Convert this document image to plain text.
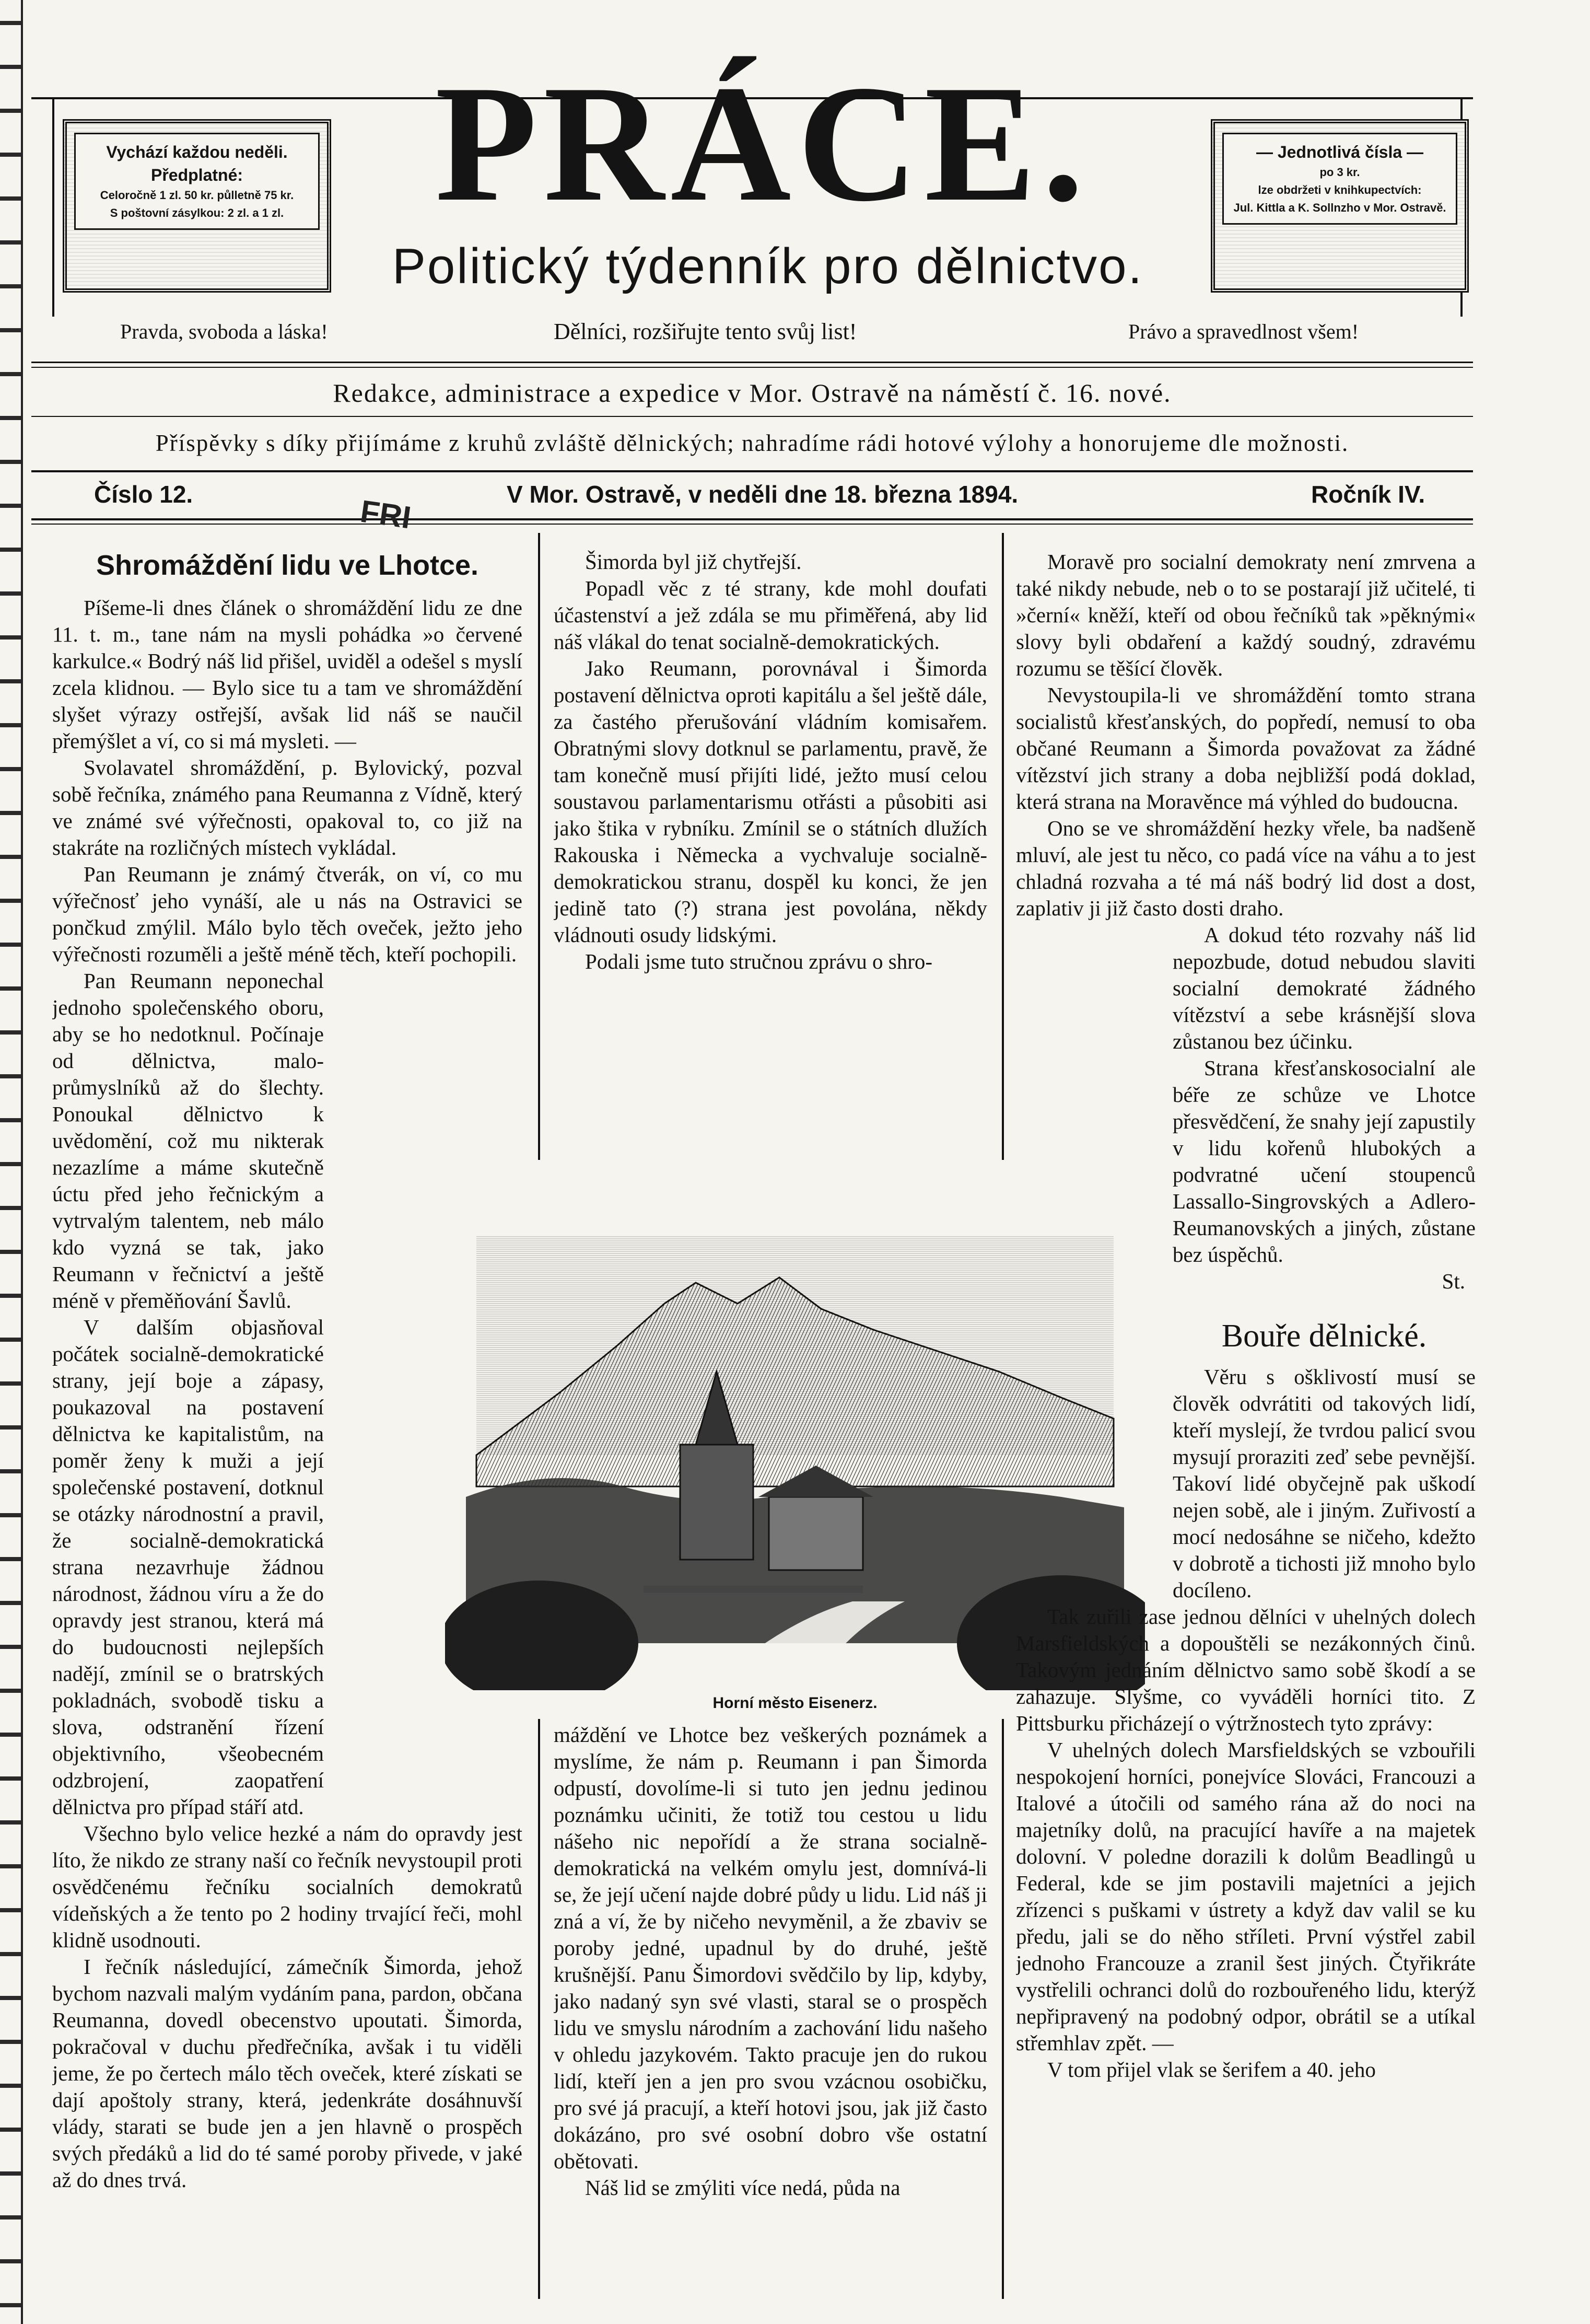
Vychází každou neděli.
Předplatné:
Celoročně 1 zl. 50 kr. půlletně 75 kr.
S poštovní zásylkou: 2 zl. a 1 zl. PRÁCE.
Politický týdenník pro dělnictvo.
— Jednotlivá čísla —
po 3 kr.
lze obdržeti v knihkupectvích:
Jul. Kittla a K. Sollnzho v Mor. Ostravě.
Pravda, svoboda a láska!	Dělníci, rozšiřujte tento svůj list!	Právo a spravedlnost všem!
Redakce, administrace a expedice v Mor. Ostravě na náměstí č. 16. nové.
Příspěvky s díky přijímáme z kruhů zvláště dělnických; nahradíme rádi hotové výlohy a honorujeme dle možnosti.
Číslo 12.	V Mor. Ostravě, v neděli dne 18. března 1894.	Ročník IV.
FRI
Shromáždění lidu ve Lhotce.

Píšeme-li dnes článek o shromáždění lidu ze dne 11. t. m., tane nám na mysli pohádka »o červené karkulce.« Bodrý náš lid přišel, uviděl a odešel s myslí zcela klidnou. — Bylo sice tu a tam ve shromáždění slyšet výrazy ostřejší, avšak lid náš se naučil přemýšlet a ví, co si má mysleti. —

Svolavatel shromáždění, p. Bylovický, pozval sobě řečníka, známého pana Reumanna z Vídně, který ve známé své výřečnosti, opakoval to, co již na stakráte na rozličných místech vykládal.

Pan Reumann je známý čtverák, on ví, co mu výřečnosť jeho vynáší, ale u nás na Ostravici se pončkud zmýlil. Málo bylo těch oveček, ježto jeho výřečnosti rozuměli a ještě méně těch, kteří pochopili.

Pan Reumann neponechal jednoho společenského oboru, aby se ho nedotknul. Počínaje od dělnictva, malo-průmyslníků až do šlechty. Ponoukal dělnictvo k uvědomění, což mu nikterak nezazlíme a máme skutečně úctu před jeho řečnickým a vytrvalým talentem, neb málo kdo vyzná se tak, jako Reumann v řečnictví a ještě méně v přeměňování Šavlů.

V dalším objasňoval počátek socialně-demokratické strany, její boje a zápasy, poukazoval na postavení dělnictva ke kapitalistům, na poměr ženy k muži a její společenské postavení, dotknul se otázky národnostní a pravil, že socialně-demokratická strana nezavrhuje žádnou národnost, žádnou víru a že do opravdy jest stranou, která má do budoucnosti nejlepších nadějí, zmínil se o bratrských pokladnách, svobodě tisku a slova, odstranění řízení objektivního, všeobecném odzbrojení, zaopatření dělnictva pro případ stáří atd.

Všechno bylo velice hezké a nám do opravdy jest líto, že nikdo ze strany naší co řečník nevystoupil proti osvědčenému řečníku socialních demokratů vídeňských a že tento po 2 hodiny trvající řeči, mohl klidně usodnouti.

I řečník následující, zámečník Šimorda, jehož bychom nazvali malým vydáním pana, pardon, občana Reumanna, dovedl obecenstvo upoutati. Šimorda, pokračoval v duchu předřečníka, avšak i tu viděli jeme, že po čertech málo těch oveček, které získati se dají apoštoly strany, která, jedenkráte dosáhnuvší vlády, starati se bude jen a jen hlavně o prospěch svých předáků a lid do té samé poroby přivede, v jaké až do dnes trvá.

Šimorda byl již chytřejší.

Popadl věc z té strany, kde mohl doufati účastenství a jež zdála se mu přiměřená, aby lid náš vlákal do tenat socialně-demokratických.

Jako Reumann, porovnával i Šimorda postavení dělnictva oproti kapitálu a šel ještě dále, za častého přerušování vládním komisařem. Obratnými slovy dotknul se parlamentu, pravě, že tam konečně musí přijíti lidé, ježto musí celou soustavou parlamentarismu otřásti a působiti asi jako štika v rybníku. Zmínil se o státních dlužích Rakouska i Německa a vychvaluje socialně-demokratickou stranu, dospěl ku konci, že jen jedině tato (?) strana jest povolána, někdy vládnouti osudy lidskými.

Podali jsme tuto stručnou zprávu o shro-

Moravě pro socialní demokraty není zmrvena a také nikdy nebude, neb o to se postarají již učitelé, ti »černí« kněží, kteří od obou řečníků tak »pěknými« slovy byli obdaření a každý soudný, zdravému rozumu se těšící člověk.

Nevystoupila-li ve shromáždění tomto strana socialistů křesťanských, do popředí, nemusí to oba občané Reumann a Šimorda považovat za žádné vítězství jich strany a doba nejbližší podá doklad, která strana na Moravěnce má výhled do budoucna.

Ono se ve shromáždění hezky vřele, ba nadšeně mluví, ale jest tu něco, co padá více na váhu a to jest chladná rozvaha a té má náš bodrý lid dost a dost, zaplativ ji již často dosti draho.

A dokud této rozvahy náš lid nepozbude, dotud nebudou slaviti socialní demokraté žádného vítězství a sebe krásnější slova zůstanou bez účinku.

Strana křesťanskosocialní ale béře ze schůze ve Lhotce přesvědčení, že snahy její zapustily v lidu kořenů hlubokých a podvratné učení stoupenců Lassallo-Singrovských a Adlero-Reumanovských a jiných, zůstane bez úspěchů.

St.
Horní město Eisenerz.

máždění ve Lhotce bez veškerých poznámek a myslíme, že nám p. Reumann i pan Šimorda odpustí, dovolíme-li si tuto jen jednu jedinou poznámku učiniti, že totiž tou cestou u lidu nášeho nic nepořídí a že strana socialně-demokratická na velkém omylu jest, domnívá-li se, že její učení najde dobré půdy u lidu. Lid náš ji zná a ví, že by ničeho nevyměnil, a že zbaviv se poroby jedné, upadnul by do druhé, ještě krušnější. Panu Šimordovi svědčilo by lip, kdyby, jako nadaný syn své vlasti, staral se o prospěch lidu ve smyslu národním a zachování lidu našeho v ohledu jazykovém. Takto pracuje jen do rukou lidí, kteří jen a jen pro svou vzácnou osobičku, pro své já pracují, a kteří hotovi jsou, jak již často dokázáno, pro své osobní dobro vše ostatní obětovati.

Náš lid se zmýliti více nedá, půda na

Bouře dělnické.

Věru s ošklivostí musí se člověk odvrátiti od takových lidí, kteří myslejí, že tvrdou palicí svou mysují proraziti zeď sebe pevnější. Takoví lidé obyčejně pak uškodí nejen sobě, ale i jiným. Zuřivostí a mocí nedosáhne se ničeho, kdežto v dobrotě a tichosti již mnoho bylo docíleno.

Tak zuřili zase jednou dělníci v uhelných dolech Marsfieldských a dopouštěli se nezákonných činů. Takovým jednáním dělnictvo samo sobě škodí a se zahazuje. Slyšme, co vyváděli horníci tito. Z Pittsburku přicházejí o výtržnostech tyto zprávy:

V uhelných dolech Marsfieldských se vzbouřili nespokojení horníci, ponejvíce Slováci, Francouzi a Italové a útočili od samého rána až do noci na majetníky dolů, na pracující havíře a na majetek dolovní. V poledne dorazili k dolům Beadlingů u Federal, kde se jim postavili majetníci a jejich zřízenci s puškami v ústrety a když dav valil se ku předu, jali se do něho stříleti. První výstřel zabil jednoho Francouze a zranil šest jiných. Čtyřikráte vystřelili ochranci dolů do rozbouřeného lidu, kterýž nepřipravený na podobný odpor, obrátil se a utíkal střemhlav zpět. —

V tom přijel vlak se šerifem a 40. jeho
